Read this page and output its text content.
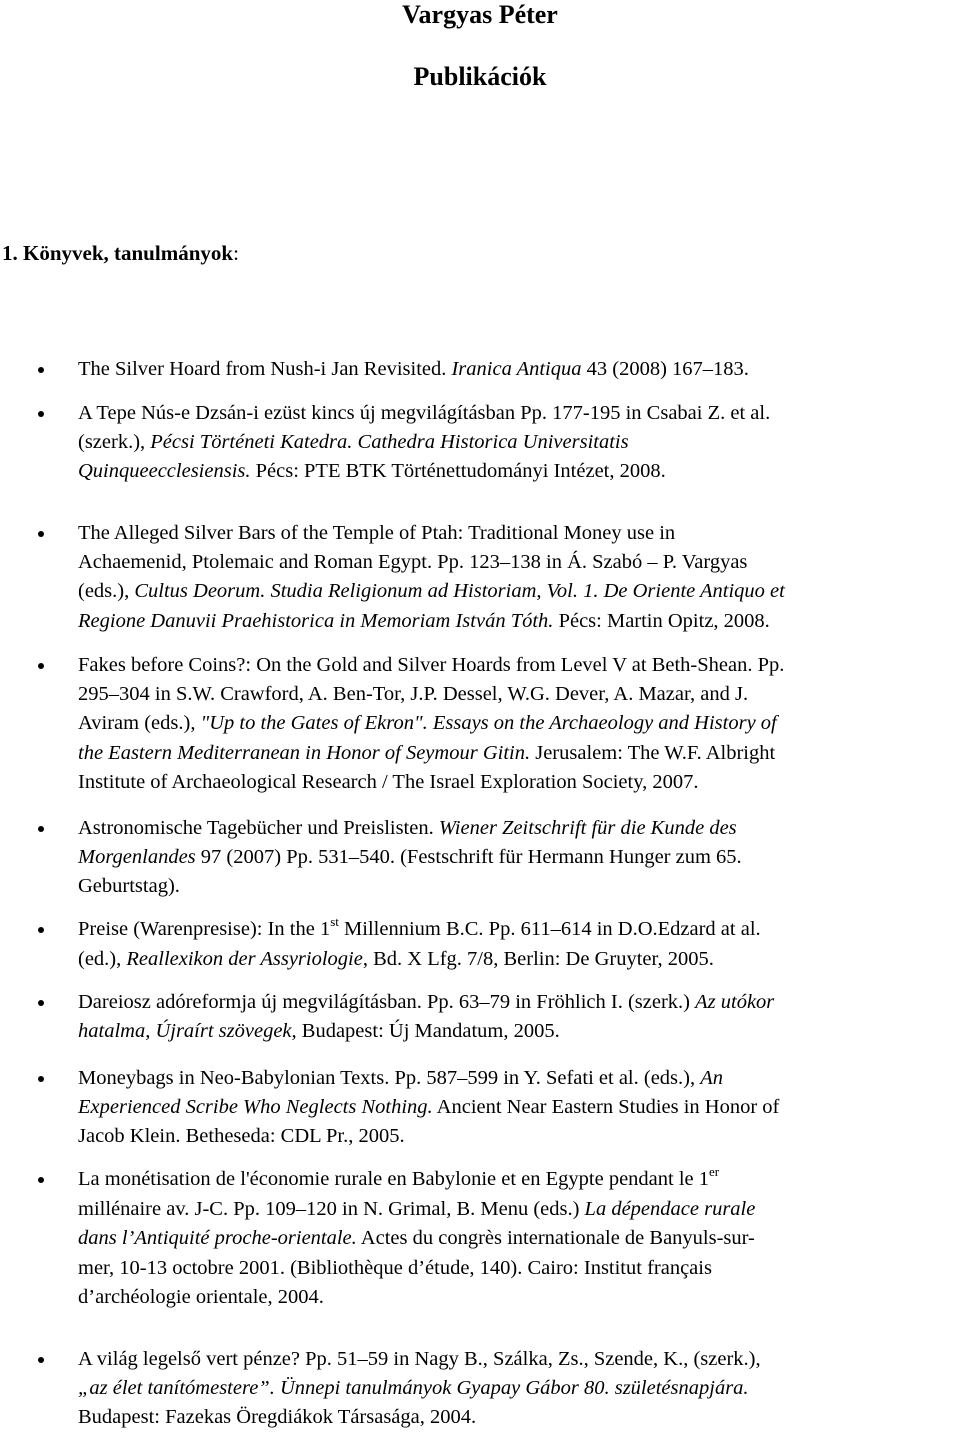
Vargyas Péter
Publikációk
1. Könyvek, tanulmányok:

The Silver Hoard from Nush-i Jan Revisited. Iranica Antiqua 43 (2008) 167–183.

A Tepe Nús-e Dzsán-i ezüst kincs új megvilágításban Pp. 177-195 in Csabai Z. et al.

(szerk.), Pécsi Történeti Katedra. Cathedra Historica Universitatis

Quinqueecclesiensis. Pécs: PTE BTK Történettudományi Intézet, 2008.

The Alleged Silver Bars of the Temple of Ptah: Traditional Money use in

Achaemenid, Ptolemaic and Roman Egypt. Pp. 123–138 in Á. Szabó – P. Vargyas

(eds.), Cultus Deorum. Studia Religionum ad Historiam, Vol. 1. De Oriente Antiquo et

Regione Danuvii Praehistorica in Memoriam István Tóth. Pécs: Martin Opitz, 2008.

Fakes before Coins?: On the Gold and Silver Hoards from Level V at Beth-Shean. Pp.

295–304 in S.W. Crawford, A. Ben-Tor, J.P. Dessel, W.G. Dever, A. Mazar, and J.

Aviram (eds.), "Up to the Gates of Ekron". Essays on the Archaeology and History of

the Eastern Mediterranean in Honor of Seymour Gitin. Jerusalem: The W.F. Albright

Institute of Archaeological Research / The Israel Exploration Society, 2007.

Astronomische Tagebücher und Preislisten. Wiener Zeitschrift für die Kunde des

Morgenlandes 97 (2007) Pp. 531–540. (Festschrift für Hermann Hunger zum 65.

Geburtstag).

Preise (Warenpresise): In the 1st Millennium B.C. Pp. 611–614 in D.O.Edzard at al.

(ed.), Reallexikon der Assyriologie, Bd. X Lfg. 7/8, Berlin: De Gruyter, 2005.

Dareiosz adóreformja új megvilágításban. Pp. 63–79 in Fröhlich I. (szerk.) Az utókor

hatalma, Újraírt szövegek, Budapest: Új Mandatum, 2005.

Moneybags in Neo-Babylonian Texts. Pp. 587–599 in Y. Sefati et al. (eds.), An

Experienced Scribe Who Neglects Nothing. Ancient Near Eastern Studies in Honor of

Jacob Klein. Betheseda: CDL Pr., 2005.

La monétisation de l'économie rurale en Babylonie et en Egypte pendant le 1er

millénaire av. J-C. Pp. 109–120 in N. Grimal, B. Menu (eds.) La dépendace rurale

dans l’Antiquité proche-orientale. Actes du congrès internationale de Banyuls-sur-

mer, 10-13 octobre 2001. (Bibliothèque d’étude, 140). Cairo: Institut français

d’archéologie orientale, 2004.

A világ legelső vert pénze? Pp. 51–59 in Nagy B., Szálka, Zs., Szende, K., (szerk.),

„az élet tanítómestere”. Ünnepi tanulmányok Gyapay Gábor 80. születésnapjára.

Budapest: Fazekas Öregdiákok Társasága, 2004.
